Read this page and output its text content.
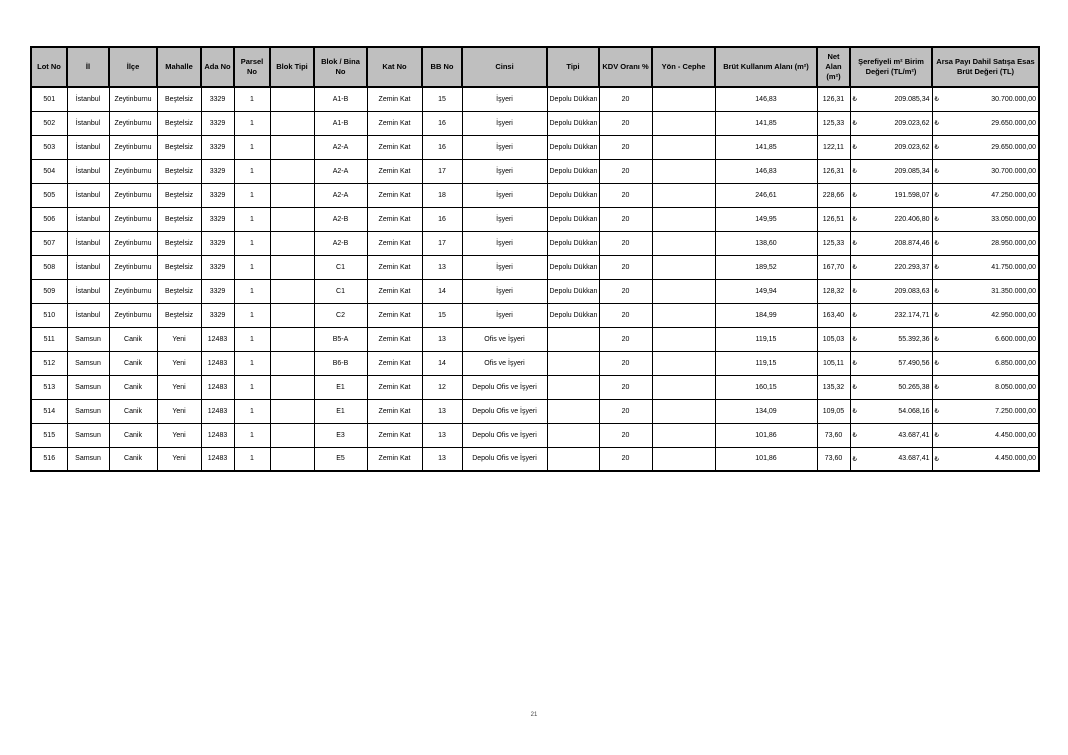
Lot No	İl	İlçe	Mahalle	Ada No	Parsel No	Blok Tipi	Blok / Bina No	Kat No	BB No	Cinsi	Tipi	KDV Oranı %	Yön - Cephe	Brüt Kullanım Alanı (m²)	Net Alan (m²)	Şerefiyeli m² Birim Değeri (TL/m²)	Arsa Payı Dahil Satışa Esas Brüt Değeri (TL)
501	İstanbul	Zeytinburnu	Beştelsiz	3329	1		A1-B	Zemin Kat	15	İşyeri	Depolu Dükkan	20		146,83	126,31	₺ 209.085,34	₺ 30.700.000,00

502	İstanbul	Zeytinburnu	Beştelsiz	3329	1		A1-B	Zemin Kat	16	İşyeri	Depolu Dükkan	20		141,85	125,33	₺ 209.023,62	₺ 29.650.000,00

503	İstanbul	Zeytinburnu	Beştelsiz	3329	1		A2-A	Zemin Kat	16	İşyeri	Depolu Dükkan	20		141,85	122,11	₺ 209.023,62	₺ 29.650.000,00

504	İstanbul	Zeytinburnu	Beştelsiz	3329	1		A2-A	Zemin Kat	17	İşyeri	Depolu Dükkan	20		146,83	126,31	₺ 209.085,34	₺ 30.700.000,00

505	İstanbul	Zeytinburnu	Beştelsiz	3329	1		A2-A	Zemin Kat	18	İşyeri	Depolu Dükkan	20		246,61	228,66	₺ 191.598,07	₺ 47.250.000,00

506	İstanbul	Zeytinburnu	Beştelsiz	3329	1		A2-B	Zemin Kat	16	İşyeri	Depolu Dükkan	20		149,95	126,51	₺ 220.406,80	₺ 33.050.000,00

507	İstanbul	Zeytinburnu	Beştelsiz	3329	1		A2-B	Zemin Kat	17	İşyeri	Depolu Dükkan	20		138,60	125,33	₺ 208.874,46	₺ 28.950.000,00

508	İstanbul	Zeytinburnu	Beştelsiz	3329	1		C1	Zemin Kat	13	İşyeri	Depolu Dükkan	20		189,52	167,70	₺ 220.293,37	₺ 41.750.000,00

509	İstanbul	Zeytinburnu	Beştelsiz	3329	1		C1	Zemin Kat	14	İşyeri	Depolu Dükkan	20		149,94	128,32	₺ 209.083,63	₺ 31.350.000,00

510	İstanbul	Zeytinburnu	Beştelsiz	3329	1		C2	Zemin Kat	15	İşyeri	Depolu Dükkan	20		184,99	163,40	₺ 232.174,71	₺ 42.950.000,00

511	Samsun	Canik	Yeni	12483	1		B5-A	Zemin Kat	13	Ofis ve İşyeri		20		119,15	105,03	₺ 55.392,36	₺ 6.600.000,00

512	Samsun	Canik	Yeni	12483	1		B6-B	Zemin Kat	14	Ofis ve İşyeri		20		119,15	105,11	₺ 57.490,56	₺ 6.850.000,00

513	Samsun	Canik	Yeni	12483	1		E1	Zemin Kat	12	Depolu Ofis ve İşyeri		20		160,15	135,32	₺ 50.265,38	₺ 8.050.000,00

514	Samsun	Canik	Yeni	12483	1		E1	Zemin Kat	13	Depolu Ofis ve İşyeri		20		134,09	109,05	₺ 54.068,16	₺ 7.250.000,00

515	Samsun	Canik	Yeni	12483	1		E3	Zemin Kat	13	Depolu Ofis ve İşyeri		20		101,86	73,60	₺ 43.687,41	₺ 4.450.000,00

516	Samsun	Canik	Yeni	12483	1		E5	Zemin Kat	13	Depolu Ofis ve İşyeri		20		101,86	73,60	₺ 43.687,41	₺ 4.450.000,00
21
